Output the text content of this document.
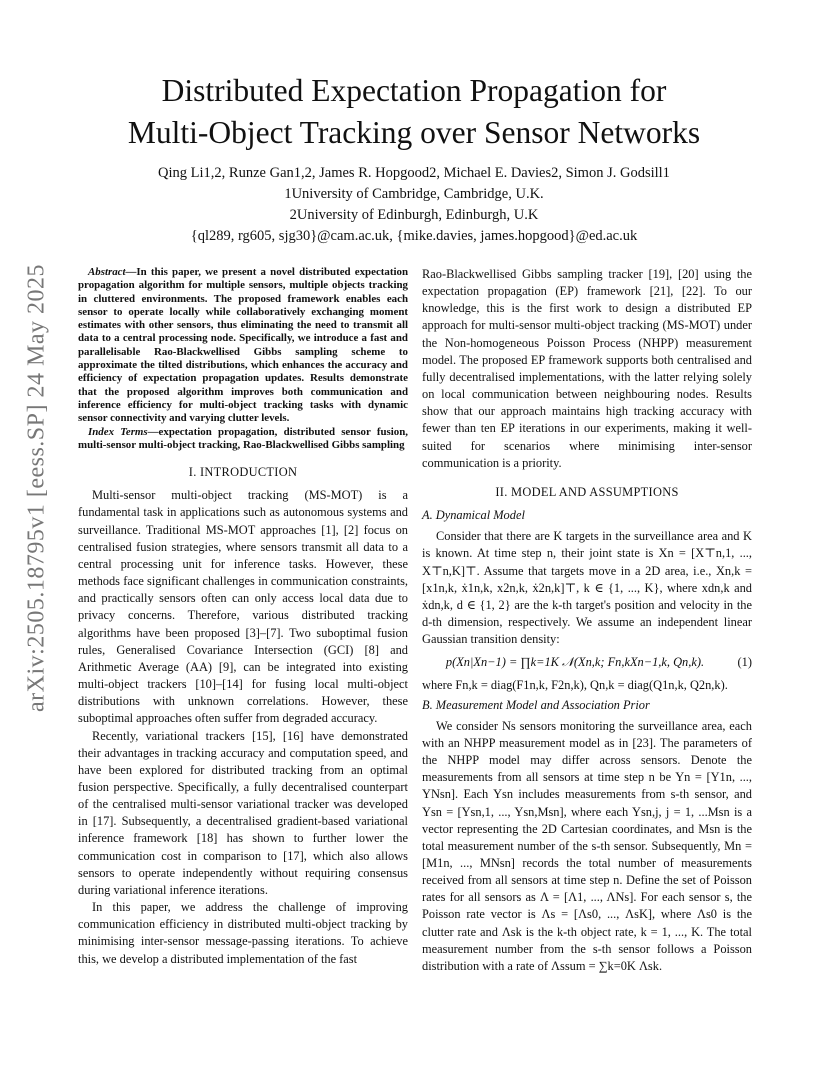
arXiv:2505.18795v1 [eess.SP] 24 May 2025
Distributed Expectation Propagation for
Multi-Object Tracking over Sensor Networks
Qing Li1,2, Runze Gan1,2, James R. Hopgood2, Michael E. Davies2, Simon J. Godsill1
1University of Cambridge, Cambridge, U.K.
2University of Edinburgh, Edinburgh, U.K
{ql289, rg605, sjg30}@cam.ac.uk, {mike.davies, james.hopgood}@ed.ac.uk

Abstract—In this paper, we present a novel distributed expectation propagation algorithm for multiple sensors, multiple objects tracking in cluttered environments. The proposed framework enables each sensor to operate locally while collaboratively exchanging moment estimates with other sensors, thus eliminating the need to transmit all data to a central processing node. Specifically, we introduce a fast and parallelisable Rao-Blackwellised Gibbs sampling scheme to approximate the tilted distributions, which enhances the accuracy and efficiency of expectation propagation updates. Results demonstrate that the proposed algorithm improves both communication and inference efficiency for multi-object tracking tasks with dynamic sensor connectivity and varying clutter levels.

Index Terms—expectation propagation, distributed sensor fusion, multi-sensor multi-object tracking, Rao-Blackwellised Gibbs sampling

I. INTRODUCTION

Multi-sensor multi-object tracking (MS-MOT) is a fundamental task in applications such as autonomous systems and surveillance. Traditional MS-MOT approaches [1], [2] focus on centralised fusion strategies, where sensors transmit all data to a central processing unit for inference tasks. However, these methods face significant challenges in communication constraints, and practically sensors often can only access local data due to privacy concerns. Therefore, various distributed tracking algorithms have been proposed [3]–[7]. Two suboptimal fusion rules, Generalised Covariance Intersection (GCI) [8] and Arithmetic Average (AA) [9], can be integrated into existing multi-object trackers [10]–[14] for fusing local multi-object distributions with unknown correlations. However, these suboptimal approaches often suffer from degraded accuracy.

Recently, variational trackers [15], [16] have demonstrated their advantages in tracking accuracy and computation speed, and have been explored for distributed tracking from an optimal fusion perspective. Specifically, a fully decentralised counterpart of the centralised multi-sensor variational tracker was developed in [17]. Subsequently, a decentralised gradient-based variational inference framework [18] has shown to further lower the communication cost in comparison to [17], which also allows sensors to operate independently without requiring consensus during variational inference iterations.

In this paper, we address the challenge of improving communication efficiency in distributed multi-object tracking by minimising inter-sensor message-passing iterations. To achieve this, we develop a distributed implementation of the fast

Rao-Blackwellised Gibbs sampling tracker [19], [20] using the expectation propagation (EP) framework [21], [22]. To our knowledge, this is the first work to design a distributed EP approach for multi-sensor multi-object tracking (MS-MOT) under the Non-homogeneous Poisson Process (NHPP) measurement model. The proposed EP framework supports both centralised and fully decentralised implementations, with the latter relying solely on local communication between neighbouring nodes. Results show that our approach maintains high tracking accuracy with fewer than ten EP iterations in our experiments, making it well-suited for scenarios where minimising inter-sensor communication is a priority.

II. MODEL AND ASSUMPTIONS
A. Dynamical Model

Consider that there are K targets in the surveillance area and K is known. At time step n, their joint state is Xn = [X⊤n,1, ..., X⊤n,K]⊤. Assume that targets move in a 2D area, i.e., Xn,k = [x1n,k, ẋ1n,k, x2n,k, ẋ2n,k]⊤, k ∈ {1, ..., K}, where xdn,k and ẋdn,k, d ∈ {1, 2} are the k-th target's position and velocity in the d-th dimension, respectively. We assume an independent linear Gaussian transition density:

p(Xn|Xn−1) = ∏k=1K 𝒩(Xn,k; Fn,kXn−1,k, Qn,k).	(1)

where Fn,k = diag(F1n,k, F2n,k), Qn,k = diag(Q1n,k, Q2n,k).

B. Measurement Model and Association Prior

We consider Ns sensors monitoring the surveillance area, each with an NHPP measurement model as in [23]. The parameters of the NHPP model may differ across sensors. Denote the measurements from all sensors at time step n be Yn = [Y1n, ..., YNsn]. Each Ysn includes measurements from s-th sensor, and Ysn = [Ysn,1, ..., Ysn,Msn], where each Ysn,j, j = 1, ...Msn is a vector representing the 2D Cartesian coordinates, and Msn is the total measurement number of the s-th sensor. Subsequently, Mn = [M1n, ..., MNsn] records the total number of measurements received from all sensors at time step n. Define the set of Poisson rates for all sensors as Λ = [Λ1, ..., ΛNs]. For each sensor s, the Poisson rate vector is Λs = [Λs0, ..., ΛsK], where Λs0 is the clutter rate and Λsk is the k-th object rate, k = 1, ..., K. The total measurement number from the s-th sensor follows a Poisson distribution with a rate of Λssum = ∑k=0K Λsk.
